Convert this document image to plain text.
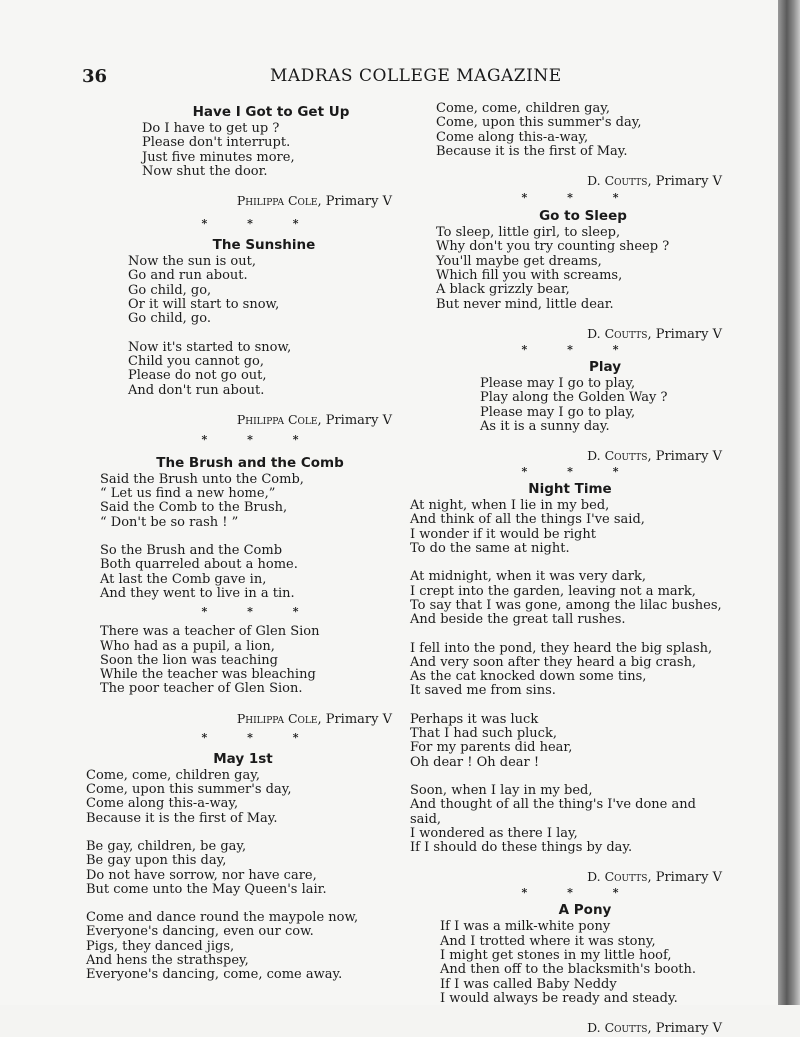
36	MADRAS COLLEGE MAGAZINE
Have I Got to Get Up
Do I have to get up ?
Please don't interrupt.
Just five minutes more,
Now shut the door.
Philippa Cole, Primary V
* * *
The Sunshine
Now the sun is out,
Go and run about.
Go child, go,
Or it will start to snow,
Go child, go.
Now it's started to snow,
Child you cannot go,
Please do not go out,
And don't run about.
Philippa Cole, Primary V
* * *
The Brush and the Comb
Said the Brush unto the Comb,
“ Let us find a new home,”
Said the Comb to the Brush,
“ Don't be so rash ! ”
So the Brush and the Comb
Both quarreled about a home.
At last the Comb gave in,
And they went to live in a tin.
* * *
There was a teacher of Glen Sion
Who had as a pupil, a lion,
Soon the lion was teaching
While the teacher was bleaching
The poor teacher of Glen Sion.
Philippa Cole, Primary V
* * *
May 1st
Come, come, children gay,
Come, upon this summer's day,
Come along this-a-way,
Because it is the first of May.
Be gay, children, be gay,
Be gay upon this day,
Do not have sorrow, nor have care,
But come unto the May Queen's lair.
Come and dance round the maypole now,
Everyone's dancing, even our cow.
Pigs, they danced jigs,
And hens the strathspey,
Everyone's dancing, come, come away.
Come, come, children gay,
Come, upon this summer's day,
Come along this-a-way,
Because it is the first of May.
D. Coutts, Primary V
* * *
Go to Sleep
To sleep, little girl, to sleep,
Why don't you try counting sheep ?
You'll maybe get dreams,
Which fill you with screams,
A black grizzly bear,
But never mind, little dear.
D. Coutts, Primary V
* * *
Play
Please may I go to play,
Play along the Golden Way ?
Please may I go to play,
As it is a sunny day.
D. Coutts, Primary V
* * *
Night Time
At night, when I lie in my bed,
And think of all the things I've said,
I wonder if it would be right
To do the same at night.
At midnight, when it was very dark,
I crept into the garden, leaving not a mark,
To say that I was gone, among the lilac bushes,
And beside the great tall rushes.
I fell into the pond, they heard the big splash,
And very soon after they heard a big crash,
As the cat knocked down some tins,
It saved me from sins.
Perhaps it was luck
That I had such pluck,
For my parents did hear,
Oh dear ! Oh dear !
Soon, when I lay in my bed,
And thought of all the thing's I've done and
said,
I wondered as there I lay,
If I should do these things by day.
D. Coutts, Primary V
* * *
A Pony
If I was a milk-white pony
And I trotted where it was stony,
I might get stones in my little hoof,
And then off to the blacksmith's booth.
If I was called Baby Neddy
I would always be ready and steady.
D. Coutts, Primary V
